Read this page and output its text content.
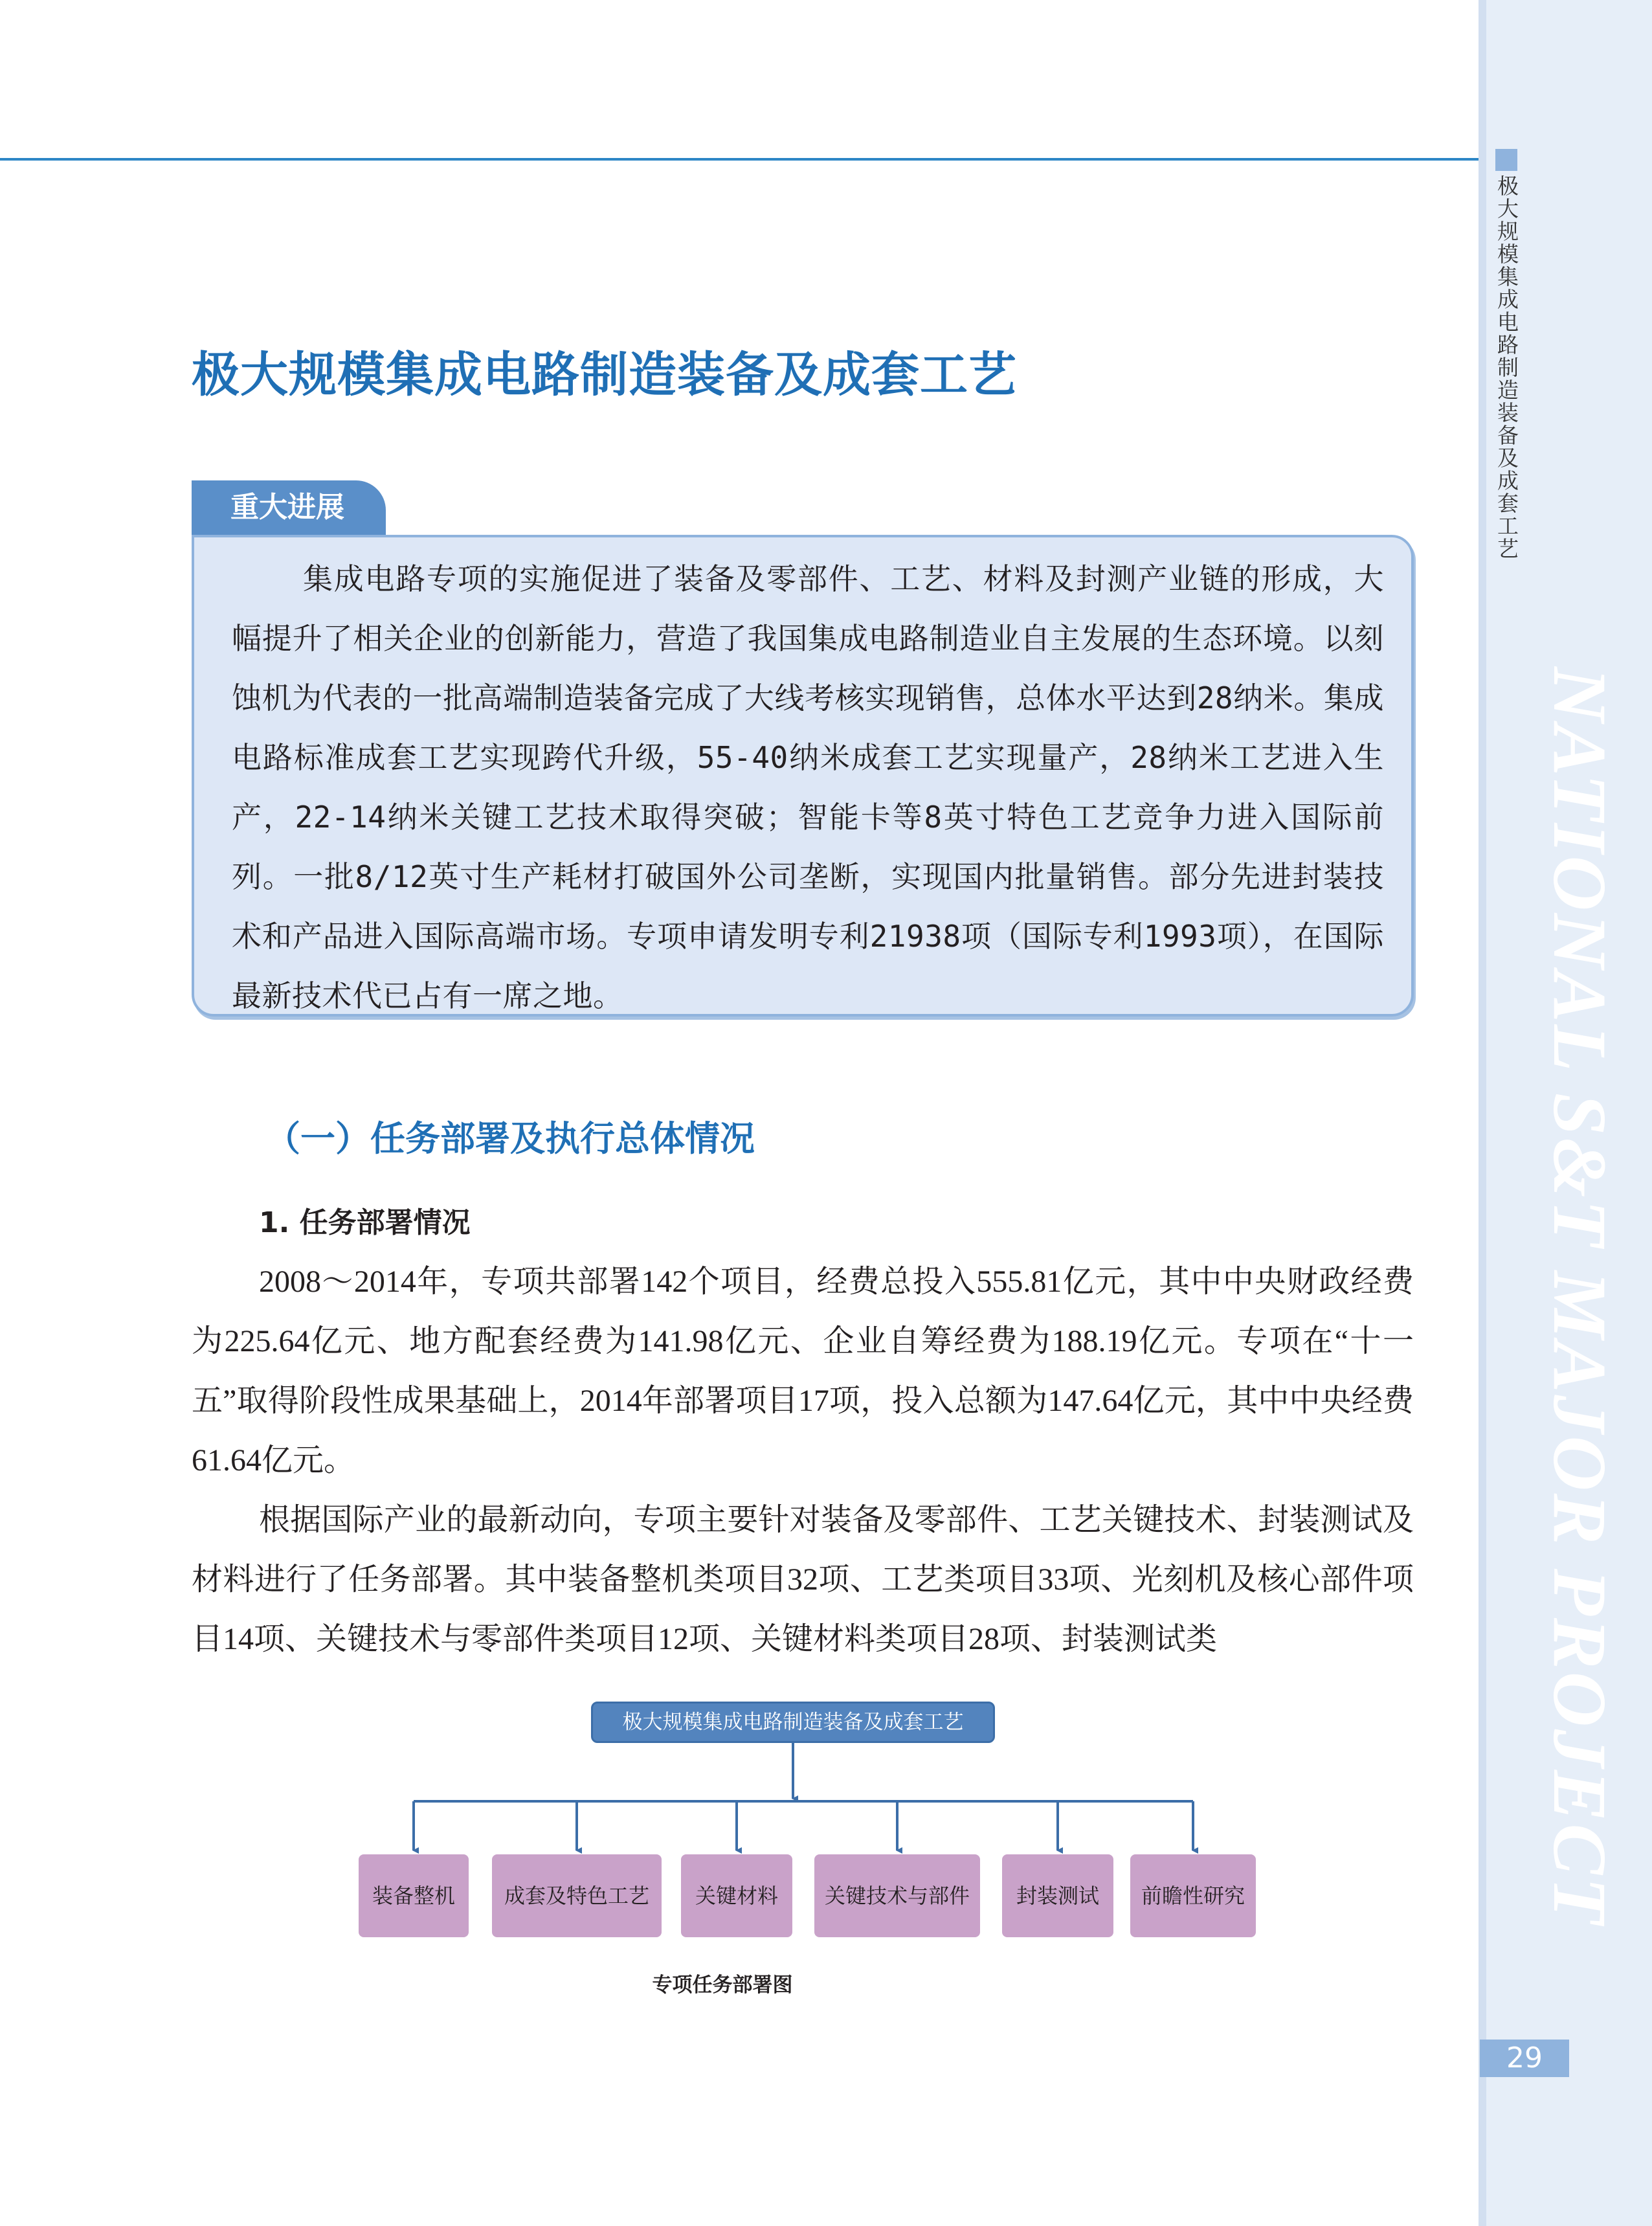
极大规模集成电路制造装备及成套工艺
NATIONAL S&T MAJOR PROJECT
29
极大规模集成电路制造装备及成套工艺
重大进展

集成电路专项的实施促进了装备及零部件、工艺、材料及封测产业链的形成，大幅提升了相关企业的创新能力，营造了我国集成电路制造业自主发展的生态环境。以刻蚀机为代表的一批高端制造装备完成了大线考核实现销售，总体水平达到28纳米。集成电路标准成套工艺实现跨代升级，55-40纳米成套工艺实现量产，28纳米工艺进入生产，22-14纳米关键工艺技术取得突破；智能卡等8英寸特色工艺竞争力进入国际前列。一批8/12英寸生产耗材打破国外公司垄断，实现国内批量销售。部分先进封装技术和产品进入国际高端市场。专项申请发明专利21938项（国际专利1993项），在国际最新技术代已占有一席之地。

（一）任务部署及执行总体情况
1. 任务部署情况

2008～2014年，专项共部署142个项目，经费总投入555.81亿元，其中中央财政经费为225.64亿元、地方配套经费为141.98亿元、企业自筹经费为188.19亿元。专项在“十一五”取得阶段性成果基础上，2014年部署项目17项，投入总额为147.64亿元，其中中央经费61.64亿元。

根据国际产业的最新动向，专项主要针对装备及零部件、工艺关键技术、封装测试及材料进行了任务部署。其中装备整机类项目32项、工艺类项目33项、光刻机及核心部件项目14项、关键技术与零部件类项目12项、关键材料类项目28项、封装测试类

极大规模集成电路制造装备及成套工艺
装备整机	成套及特色工艺	关键材料	关键技术与部件	封装测试	前瞻性研究

专项任务部署图
